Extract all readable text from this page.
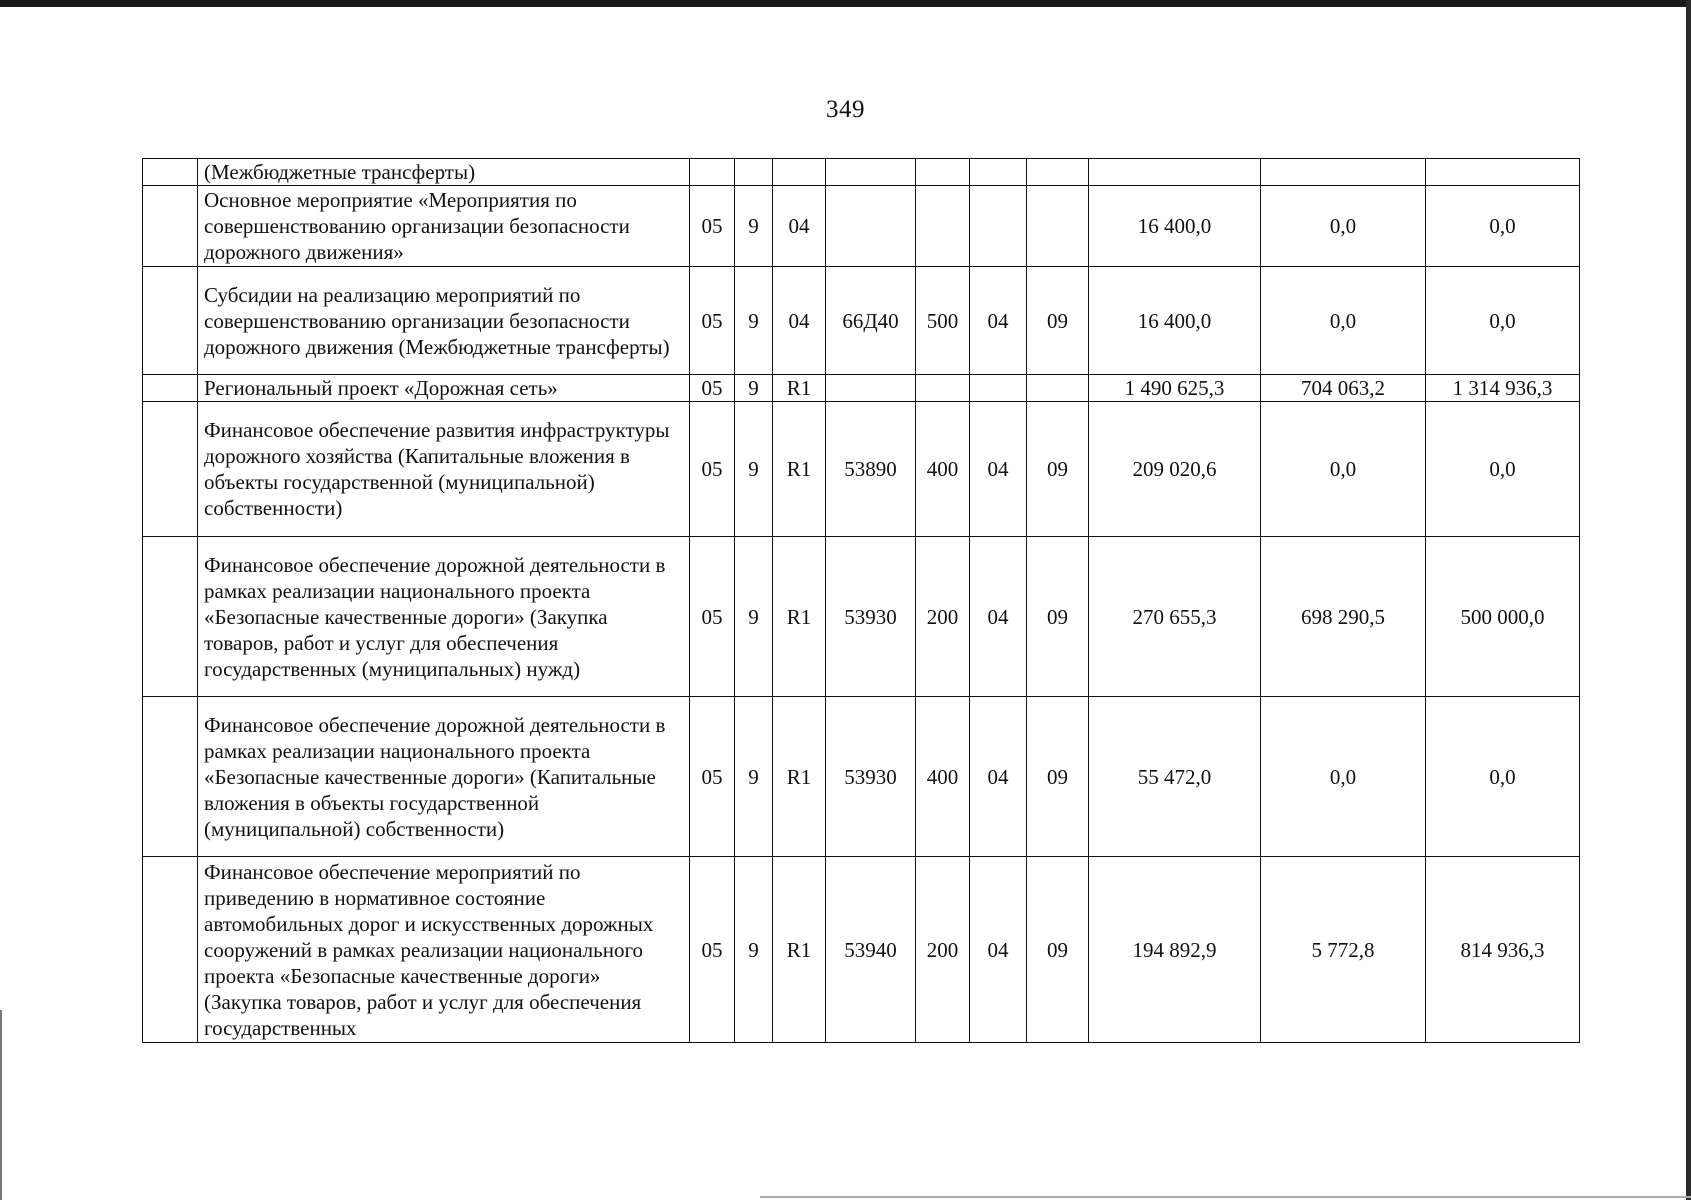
349
	(Межбюджетные трансферты)										
	Основное мероприятие «Мероприятия по совершенствованию организации безопасности дорожного движения»	05	9	04					16 400,0	0,0	0,0
	Субсидии на реализацию мероприятий по совершенствованию организации безопасности дорожного движения (Межбюджетные трансферты)	05	9	04	66Д40	500	04	09	16 400,0	0,0	0,0
	Региональный проект «Дорожная сеть»	05	9	R1					1 490 625,3	704 063,2	1 314 936,3
	Финансовое обеспечение развития инфраструктуры дорожного хозяйства (Капитальные вложения в объекты государственной (муниципальной) собственности)	05	9	R1	53890	400	04	09	209 020,6	0,0	0,0
	Финансовое обеспечение дорожной деятельности в рамках реализации национального проекта «Безопасные качественные дороги» (Закупка товаров, работ и услуг для обеспечения государственных (муниципальных) нужд)	05	9	R1	53930	200	04	09	270 655,3	698 290,5	500 000,0
	Финансовое обеспечение дорожной деятельности в рамках реализации национального проекта «Безопасные качественные дороги» (Капитальные вложения в объекты государственной (муниципальной) собственности)	05	9	R1	53930	400	04	09	55 472,0	0,0	0,0
	Финансовое обеспечение мероприятий по приведению в нормативное состояние автомобильных дорог и искусственных дорожных сооружений в рамках реализации национального проекта «Безопасные качественные дороги» (Закупка товаров, работ и услуг для обеспечения государственных	05	9	R1	53940	200	04	09	194 892,9	5 772,8	814 936,3
